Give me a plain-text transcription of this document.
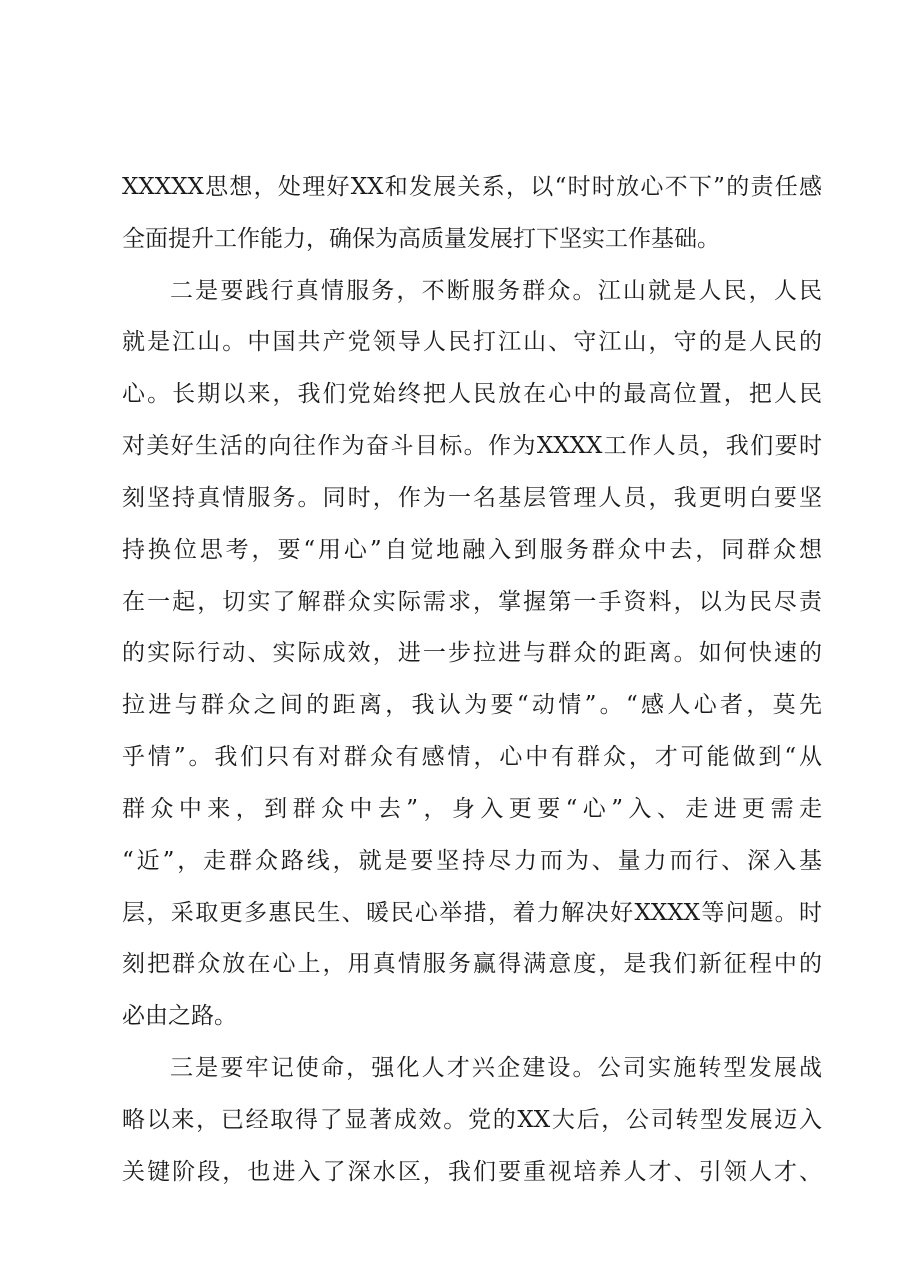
XXXXX思想，处理好XX和发展关系，以“时时放心不下”的责任感
全面提升工作能力，确保为高质量发展打下坚实工作基础。
二是要践行真情服务，不断服务群众。江山就是人民，人民
就是江山。中国共产党领导人民打江山、守江山，守的是人民的
心。长期以来，我们党始终把人民放在心中的最高位置，把人民
对美好生活的向往作为奋斗目标。作为XXXX工作人员，我们要时
刻坚持真情服务。同时，作为一名基层管理人员，我更明白要坚
持换位思考，要“用心”自觉地融入到服务群众中去，同群众想
在一起，切实了解群众实际需求，掌握第一手资料，以为民尽责
的实际行动、实际成效，进一步拉进与群众的距离。如何快速的
拉进与群众之间的距离，我认为要“动情”。“感人心者，莫先
乎情”。我们只有对群众有感情，心中有群众，才可能做到“从
群众中来，到群众中去”，身入更要“心”入、走进更需走
“近”，走群众路线，就是要坚持尽力而为、量力而行、深入基
层，采取更多惠民生、暖民心举措，着力解决好XXXX等问题。时
刻把群众放在心上，用真情服务赢得满意度，是我们新征程中的
必由之路。
三是要牢记使命，强化人才兴企建设。公司实施转型发展战
略以来，已经取得了显著成效。党的XX大后，公司转型发展迈入
关键阶段，也进入了深水区，我们要重视培养人才、引领人才、
